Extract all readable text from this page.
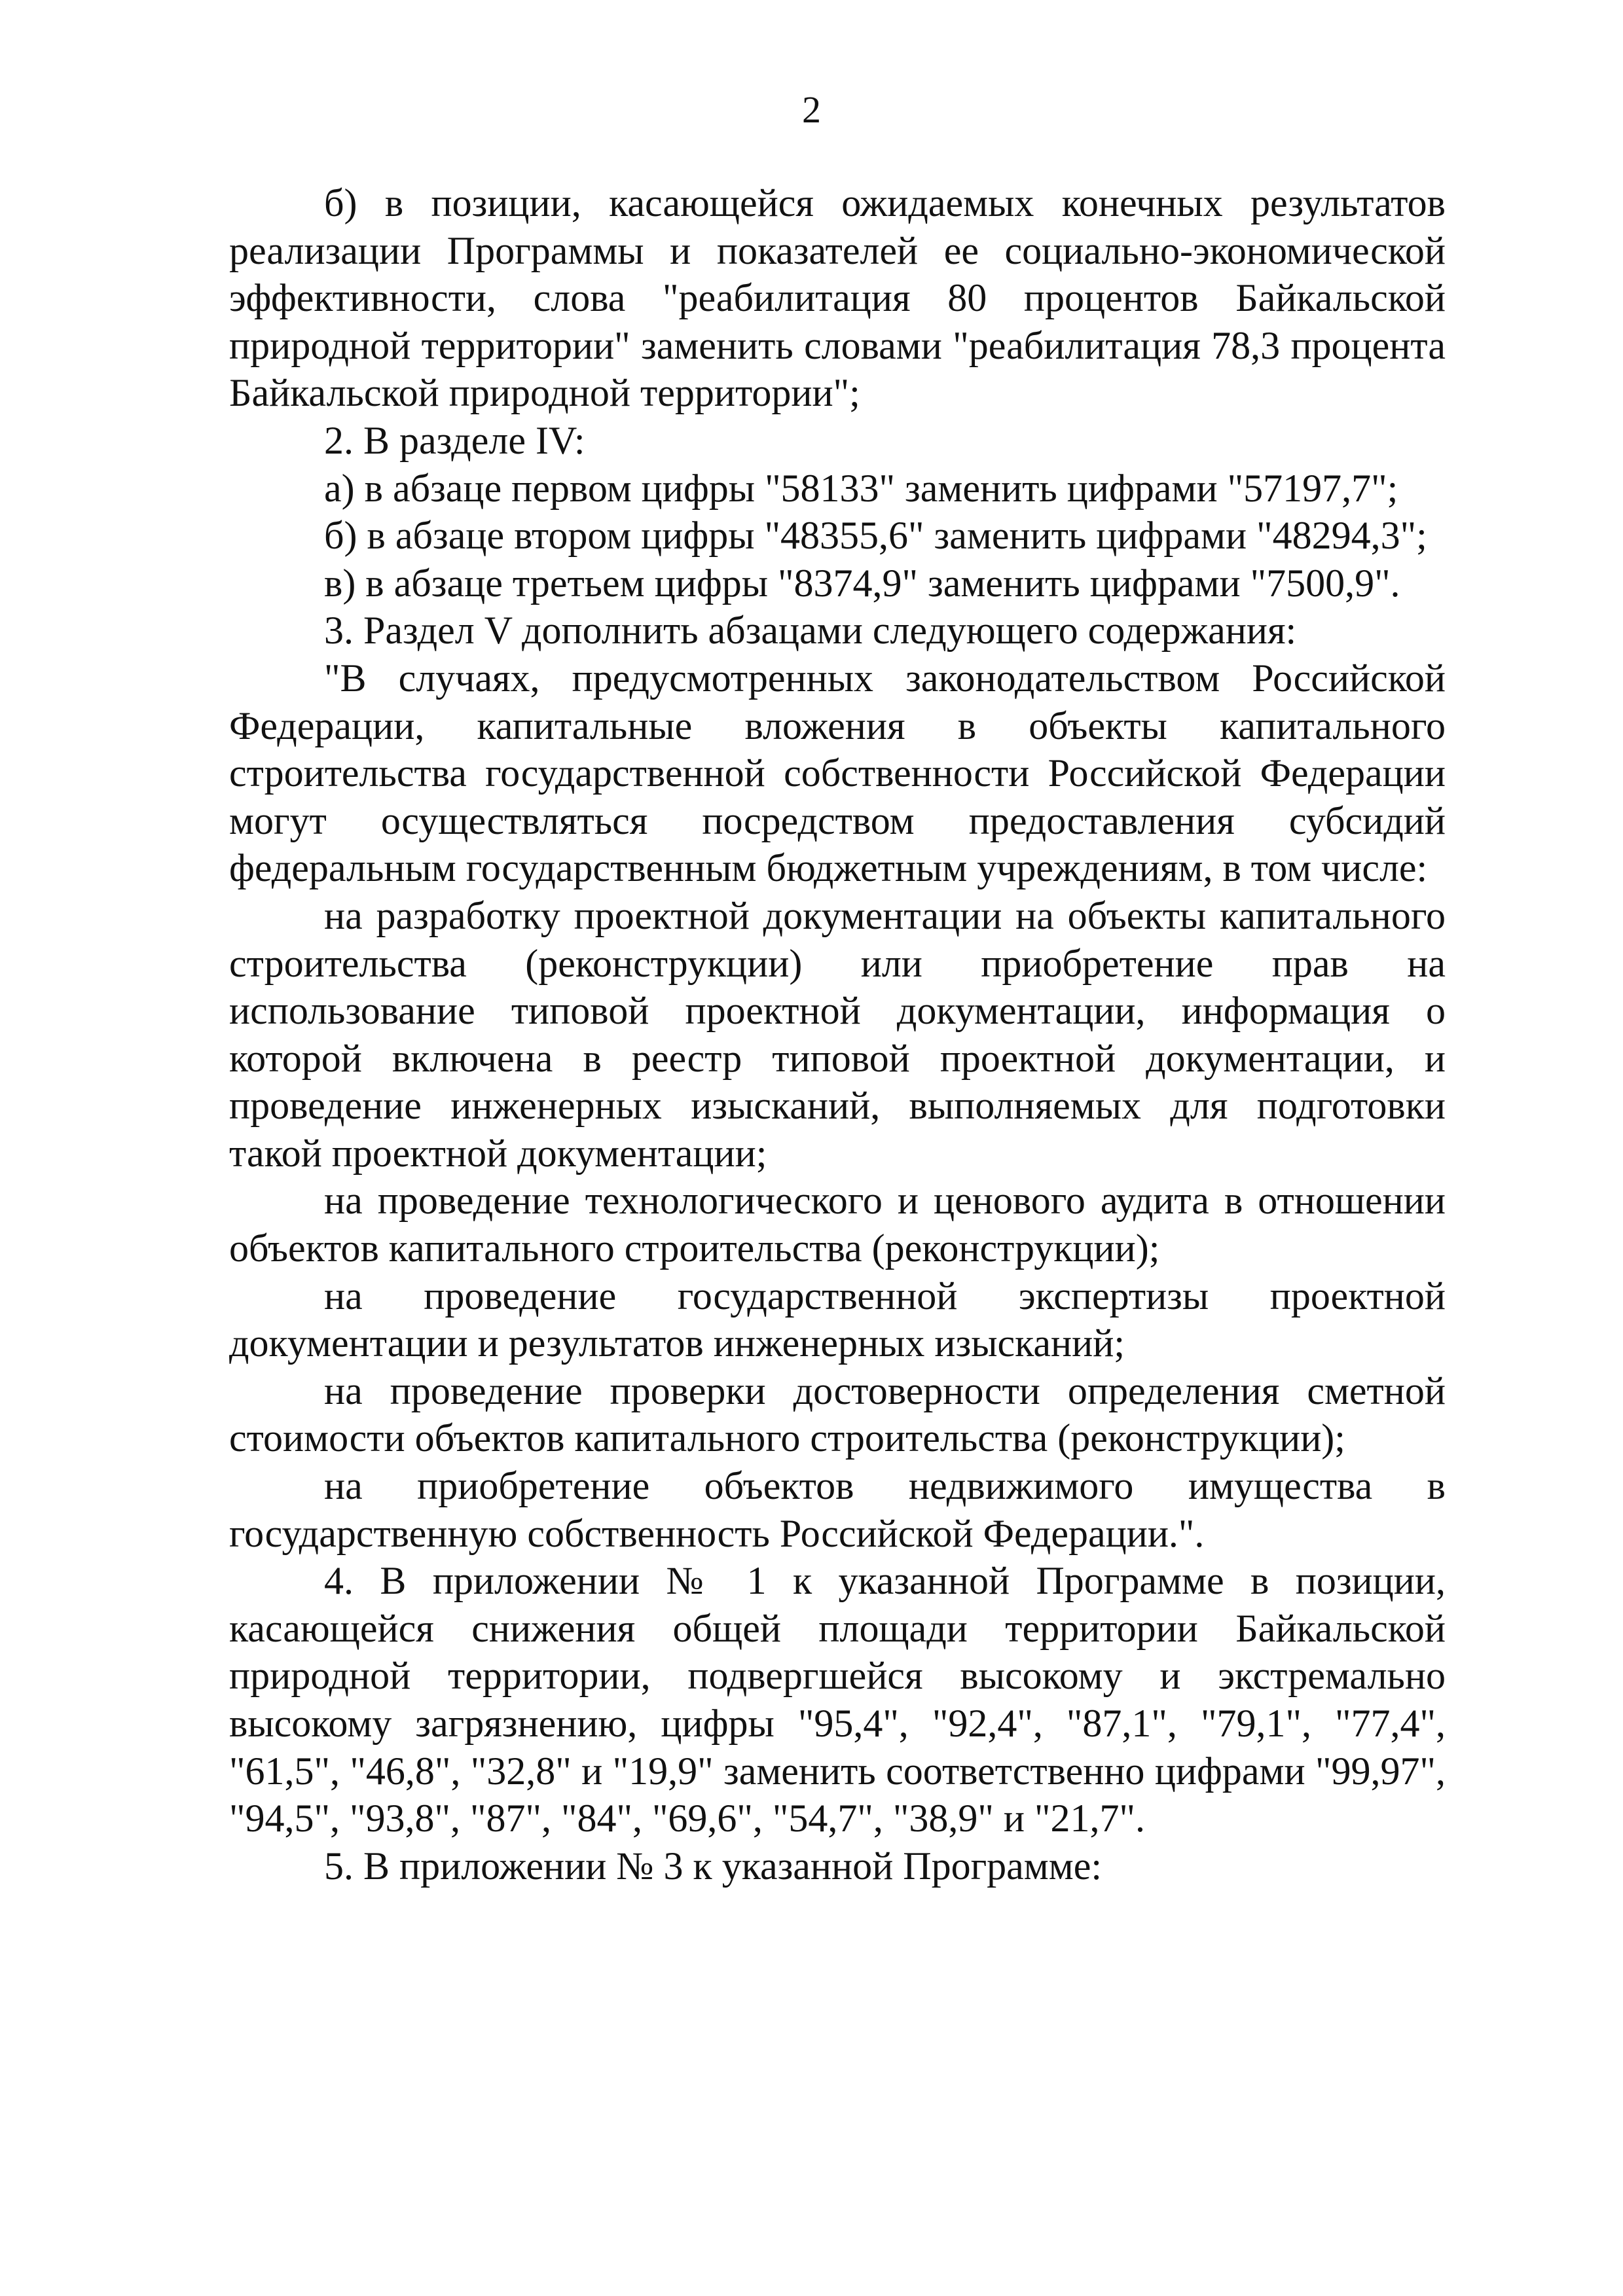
2

б) в позиции, касающейся ожидаемых конечных результатов реализации Программы и показателей ее социально-экономической эффективности, слова "реабилитация 80 процентов Байкальской природной территории" заменить словами "реабилитация 78,3 процента Байкальской природной территории";

2. В разделе IV:

а) в абзаце первом цифры "58133" заменить цифрами "57197,7";

б) в абзаце втором цифры "48355,6" заменить цифрами "48294,3";

в) в абзаце третьем цифры "8374,9" заменить цифрами "7500,9".

3. Раздел V дополнить абзацами следующего содержания:

"В случаях, предусмотренных законодательством Российской Федерации, капитальные вложения в объекты капитального строительства государственной собственности Российской Федерации могут осуществляться посредством предоставления субсидий федеральным государственным бюджетным учреждениям, в том числе:

на разработку проектной документации на объекты капитального строительства (реконструкции) или приобретение прав на использование типовой проектной документации, информация о которой включена в реестр типовой проектной документации, и проведение инженерных изысканий, выполняемых для подготовки такой проектной документации;

на проведение технологического и ценового аудита в отношении объектов капитального строительства (реконструкции);

на проведение государственной экспертизы проектной документации и результатов инженерных изысканий;

на проведение проверки достоверности определения сметной стоимости объектов капитального строительства (реконструкции);

на приобретение объектов недвижимого имущества в государственную собственность Российской Федерации.".

4. В приложении № 1 к указанной Программе в позиции, касающейся снижения общей площади территории Байкальской природной территории, подвергшейся высокому и экстремально высокому загрязнению, цифры "95,4", "92,4", "87,1", "79,1", "77,4", "61,5", "46,8", "32,8" и "19,9" заменить соответственно цифрами "99,97", "94,5", "93,8", "87", "84", "69,6", "54,7", "38,9" и "21,7".

5. В приложении № 3 к указанной Программе:
